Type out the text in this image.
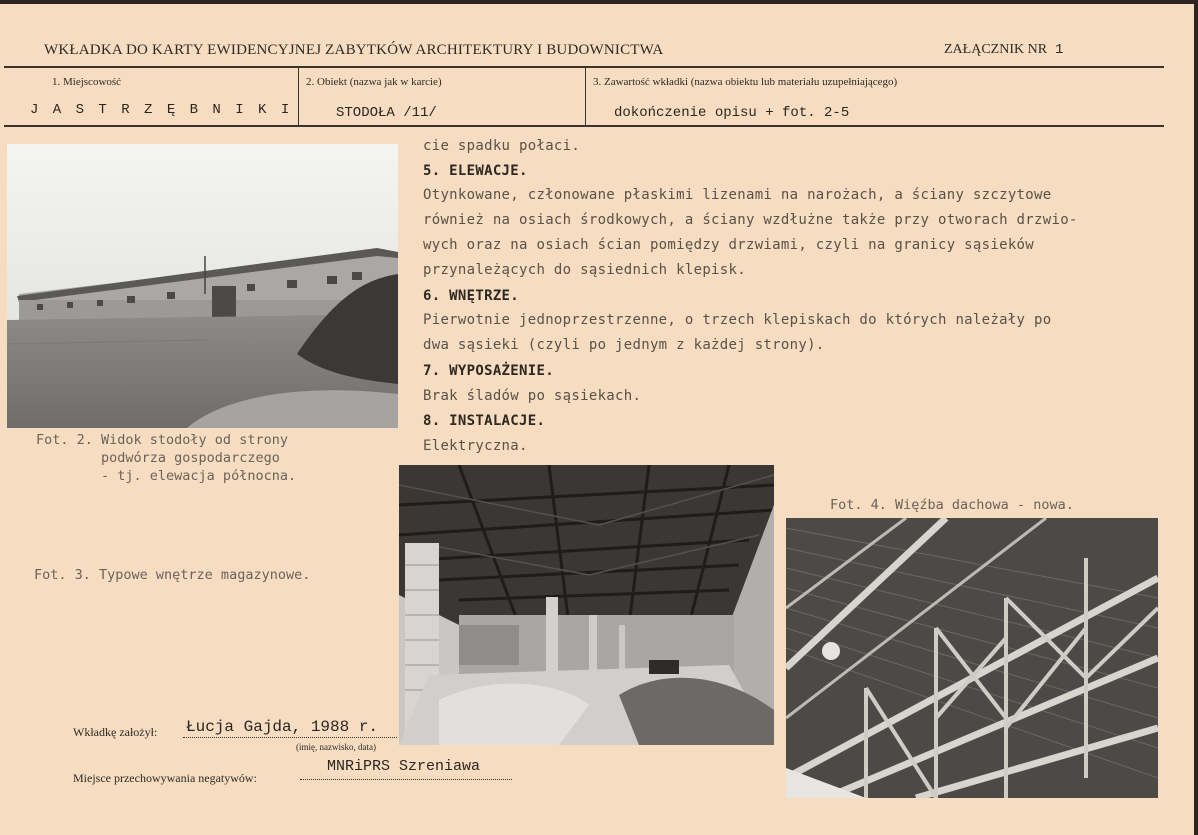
WKŁADKA DO KARTY EWIDENCYJNEJ ZABYTKÓW ARCHITEKTURY I BUDOWNICTWA	ZAŁĄCZNIK NR 1
1. Miejscowość
J A S T R Z Ę B N I K I
2. Obiekt (nazwa jak w karcie)
STODOŁA /11/
3. Zawartość wkładki (nazwa obiektu lub materiału uzupełniającego)
dokończenie opisu + fot. 2-5
cie spadku połaci.
5. ELEWACJE.
Otynkowane, członowane płaskimi lizenami na narożach, a ściany szczytowe
również na osiach środkowych, a ściany wzdłużne także przy otworach drzwio-
wych oraz na osiach ścian pomiędzy drzwiami, czyli na granicy sąsieków
przynależących do sąsiednich klepisk.
6. WNĘTRZE.
Pierwotnie jednoprzestrzenne, o trzech klepiskach do których należały po
dwa sąsieki (czyli po jednym z każdej strony).
7. WYPOSAŻENIE.
Brak śladów po sąsiekach.
8. INSTALACJE.
Elektryczna.
Fot. 2. Widok stodoły od strony
podwórza gospodarczego
- tj. elewacja północna.
Fot. 3. Typowe wnętrze magazynowe.
Fot. 4. Więźba dachowa - nowa.
Wkładkę założył: Łucja Gajda, 1988 r.
(imię, nazwisko, data)
Miejsce przechowywania negatywów:
MNRiPRS Szreniawa
